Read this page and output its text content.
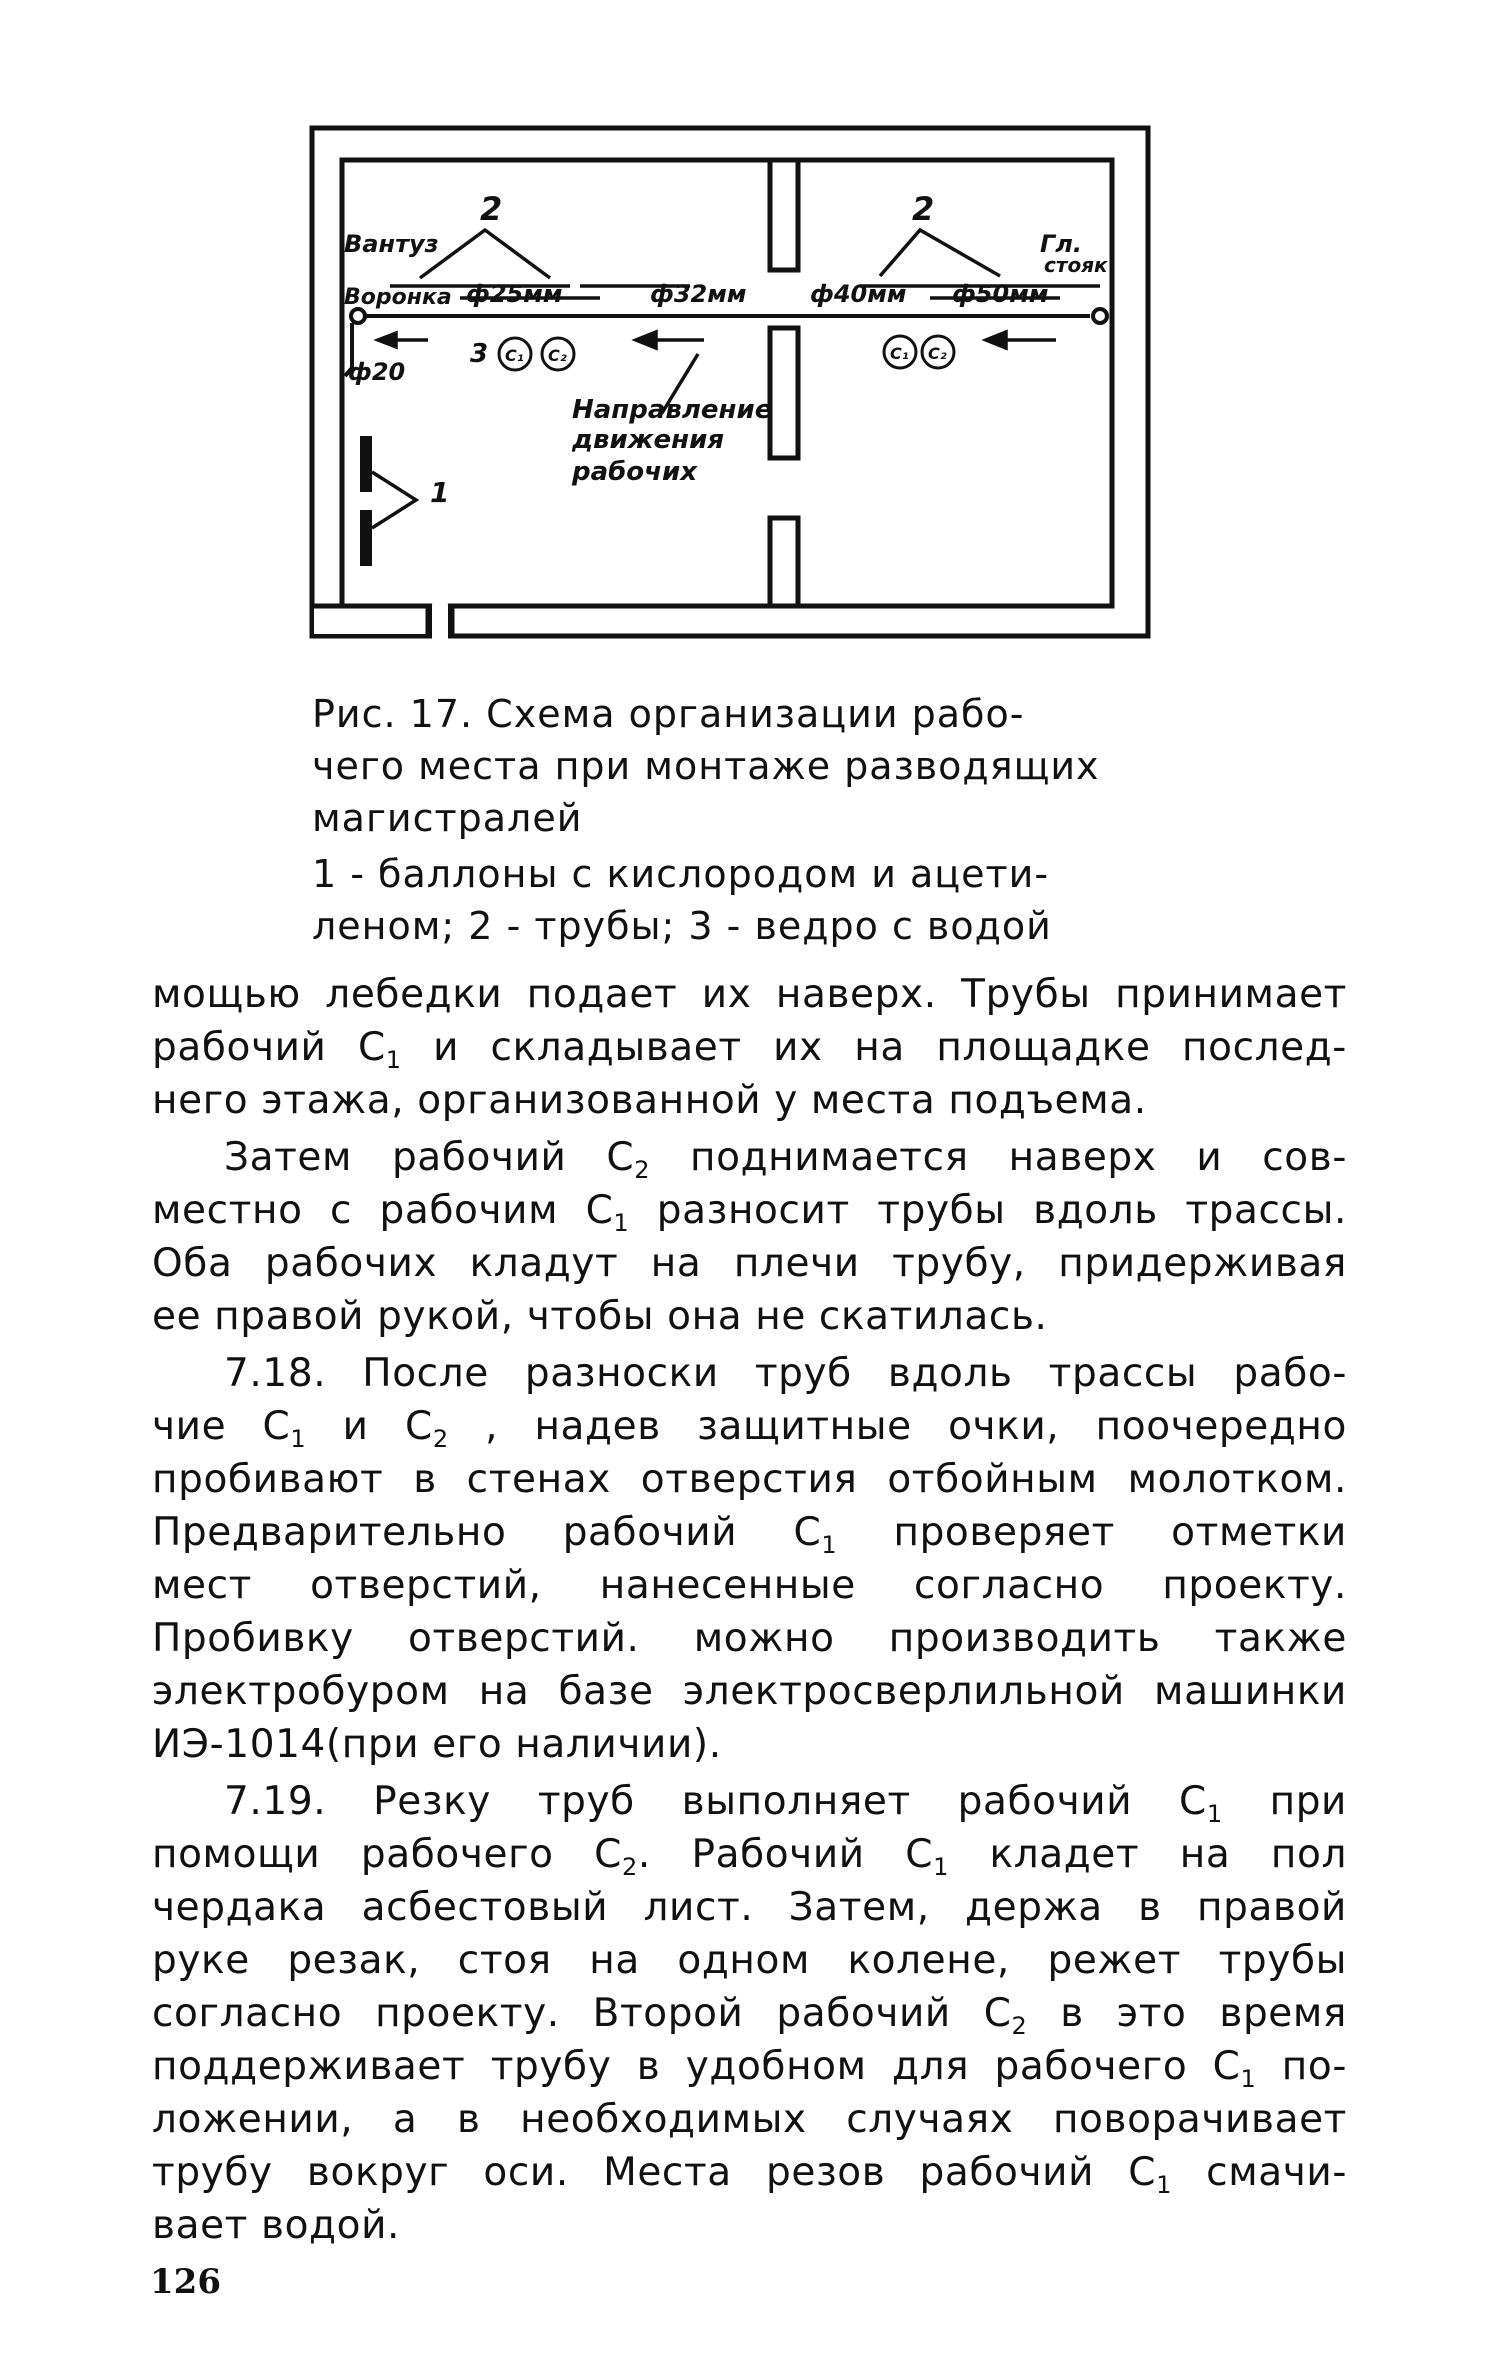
2	2
Вантуз
Воронка ф25мм	ф32мм	ф40мм ф50мм
Гл.
стояк
ф20
3
1
C₁ C₂	C₁ C₂
Направление
движения
рабочих
Рис. 17. Схема организации рабо-
чего места при монтаже разводящих
магистралей
1 - баллоны с кислородом и ацети-
леном; 2 - трубы; 3 - ведро с водой
мощью лебедки подает их наверх. Трубы принимает
рабочий $C_1$ и складывает их на площадке послед-
него этажа, организованной у места подъема.
Затем рабочий $C_2$ поднимается наверх и сов-
местно с рабочим $C_1$ разносит трубы вдоль трассы.
Оба рабочих кладут на плечи трубу, придерживая
ее правой рукой, чтобы она не скатилась.
7.18. После разноски труб вдоль трассы рабо-
чие $C_1$ и $C_2$ , надев защитные очки, поочередно
пробивают в стенах отверстия отбойным молотком.
Предварительно рабочий $C_1$ проверяет отметки
мест отверстий, нанесенные согласно проекту.
Пробивку отверстий. можно производить также
электробуром на базе электросверлильной машинки
ИЭ-1014(при его наличии).
7.19. Резку труб выполняет рабочий $C_1$ при
помощи рабочего $C_2$. Рабочий $C_1$ кладет на пол
чердака асбестовый лист. Затем, держа в правой
руке резак, стоя на одном колене, режет трубы
согласно проекту. Второй рабочий $C_2$ в это время
поддерживает трубу в удобном для рабочего $C_1$ по-
ложении, а в необходимых случаях поворачивает
трубу вокруг оси. Места резов рабочий $C_1$ смачи-
вает водой.
126
